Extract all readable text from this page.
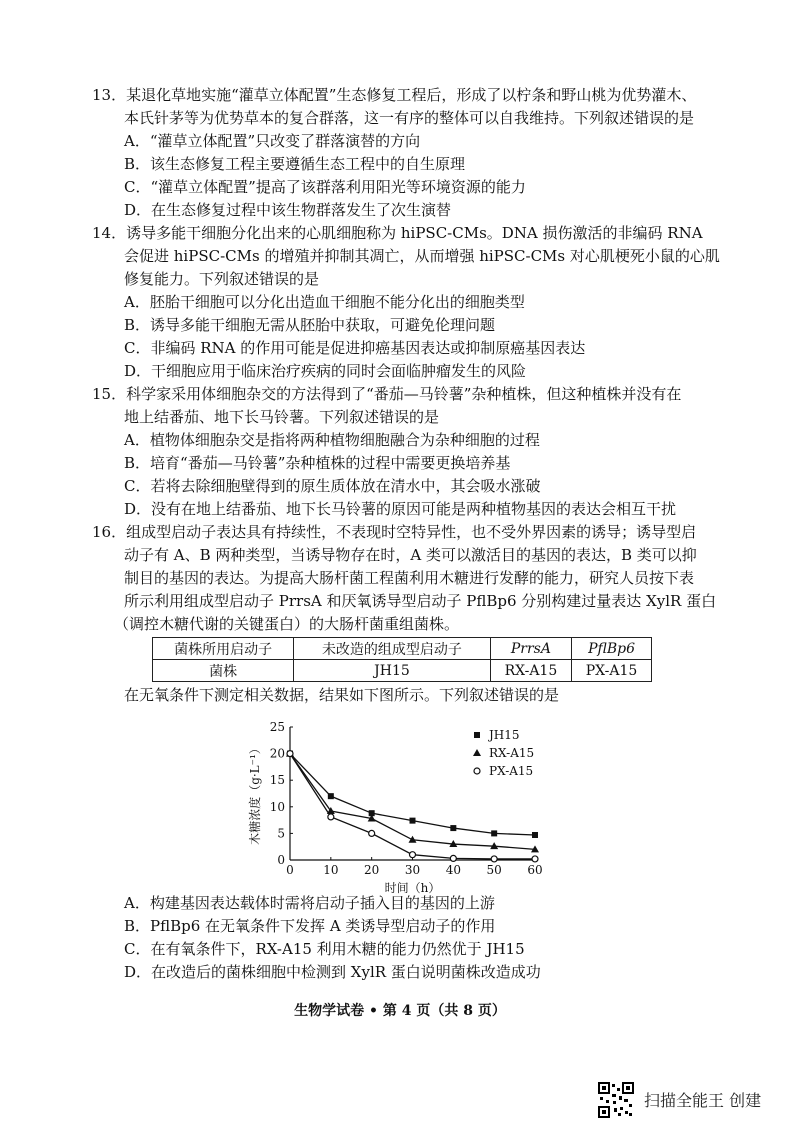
13．某退化草地实施“灌草立体配置”生态修复工程后，形成了以柠条和野山桃为优势灌木、
本氏针茅等为优势草本的复合群落，这一有序的整体可以自我维持。下列叙述错误的是
A．“灌草立体配置”只改变了群落演替的方向
B．该生态修复工程主要遵循生态工程中的自生原理
C．“灌草立体配置”提高了该群落利用阳光等环境资源的能力
D．在生态修复过程中该生物群落发生了次生演替
14．诱导多能干细胞分化出来的心肌细胞称为 hiPSC-CMs。DNA 损伤激活的非编码 RNA
会促进 hiPSC-CMs 的增殖并抑制其凋亡，从而增强 hiPSC-CMs 对心肌梗死小鼠的心肌
修复能力。下列叙述错误的是
A．胚胎干细胞可以分化出造血干细胞不能分化出的细胞类型
B．诱导多能干细胞无需从胚胎中获取，可避免伦理问题
C．非编码 RNA 的作用可能是促进抑癌基因表达或抑制原癌基因表达
D．干细胞应用于临床治疗疾病的同时会面临肿瘤发生的风险
15．科学家采用体细胞杂交的方法得到了“番茄—马铃薯”杂种植株，但这种植株并没有在
地上结番茄、地下长马铃薯。下列叙述错误的是
A．植物体细胞杂交是指将两种植物细胞融合为杂种细胞的过程
B．培育“番茄—马铃薯”杂种植株的过程中需要更换培养基
C．若将去除细胞壁得到的原生质体放在清水中，其会吸水涨破
D．没有在地上结番茄、地下长马铃薯的原因可能是两种植物基因的表达会相互干扰
16．组成型启动子表达具有持续性，不表现时空特异性，也不受外界因素的诱导；诱导型启
动子有 A、B 两种类型，当诱导物存在时，A 类可以激活目的基因的表达，B 类可以抑
制目的基因的表达。为提高大肠杆菌工程菌利用木糖进行发酵的能力，研究人员按下表
所示利用组成型启动子 PrrsA 和厌氧诱导型启动子 PflBp6 分别构建过量表达 XylR 蛋白
（调控木糖代谢的关键蛋白）的大肠杆菌重组菌株。
菌株所用启动子	未改造的组成型启动子	PrrsA	PflBp6
菌株	JH15	RX-A15	PX-A15
在无氧条件下测定相关数据，结果如下图所示。下列叙述错误的是
0 10 20 30 40 50 60
0
5
10
15
20
25
时间（h）
木糖浓度（g·L⁻¹）
JH15
RX-A15
PX-A15
A．构建基因表达载体时需将启动子插入目的基因的上游
B．PflBp6 在无氧条件下发挥 A 类诱导型启动子的作用
C．在有氧条件下，RX-A15 利用木糖的能力仍然优于 JH15
D．在改造后的菌株细胞中检测到 XylR 蛋白说明菌株改造成功
生物学试卷 • 第 4 页（共 8 页）
扫描全能王 创建
